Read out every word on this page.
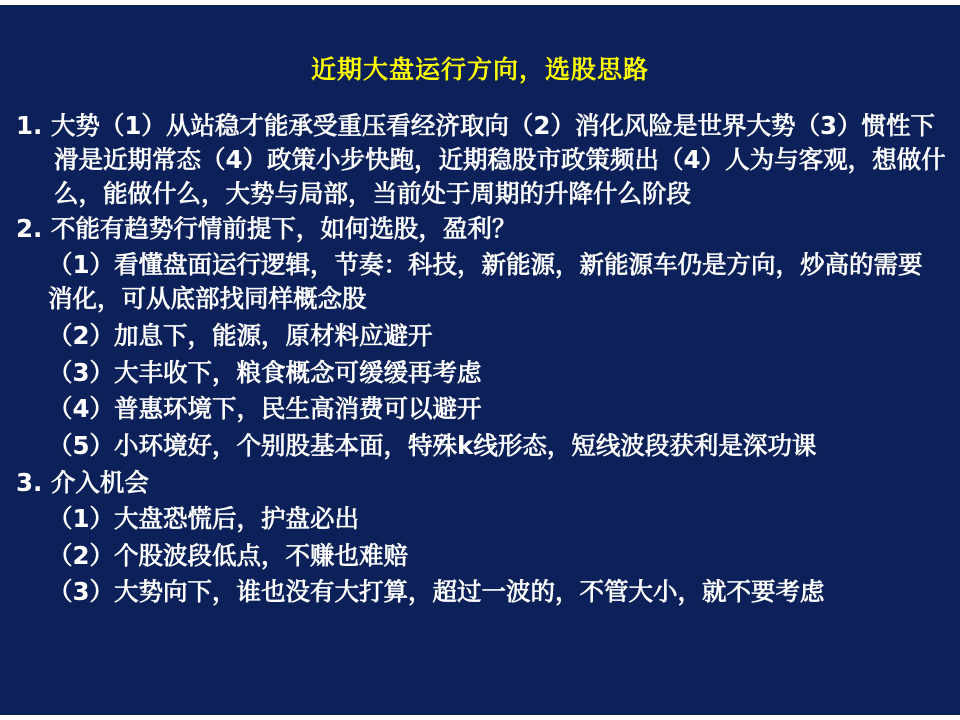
近期大盘运行方向，选股思路
1. 大势（1）从站稳才能承受重压看经济取向（2）消化风险是世界大势（3）惯性下滑是近期常态（4）政策小步快跑，近期稳股市政策频出（4）人为与客观，想做什么，能做什么，大势与局部，当前处于周期的升降什么阶段
2. 不能有趋势行情前提下，如何选股，盈利？
（1）看懂盘面运行逻辑，节奏：科技，新能源，新能源车仍是方向，炒高的需要消化，可从底部找同样概念股
（2）加息下，能源，原材料应避开
（3）大丰收下，粮食概念可缓缓再考虑
（4）普惠环境下，民生高消费可以避开
（5）小环境好，个别股基本面，特殊k线形态，短线波段获利是深功课
3. 介入机会
（1）大盘恐慌后，护盘必出
（2）个股波段低点，不赚也难赔
（3）大势向下，谁也没有大打算，超过一波的，不管大小，就不要考虑
